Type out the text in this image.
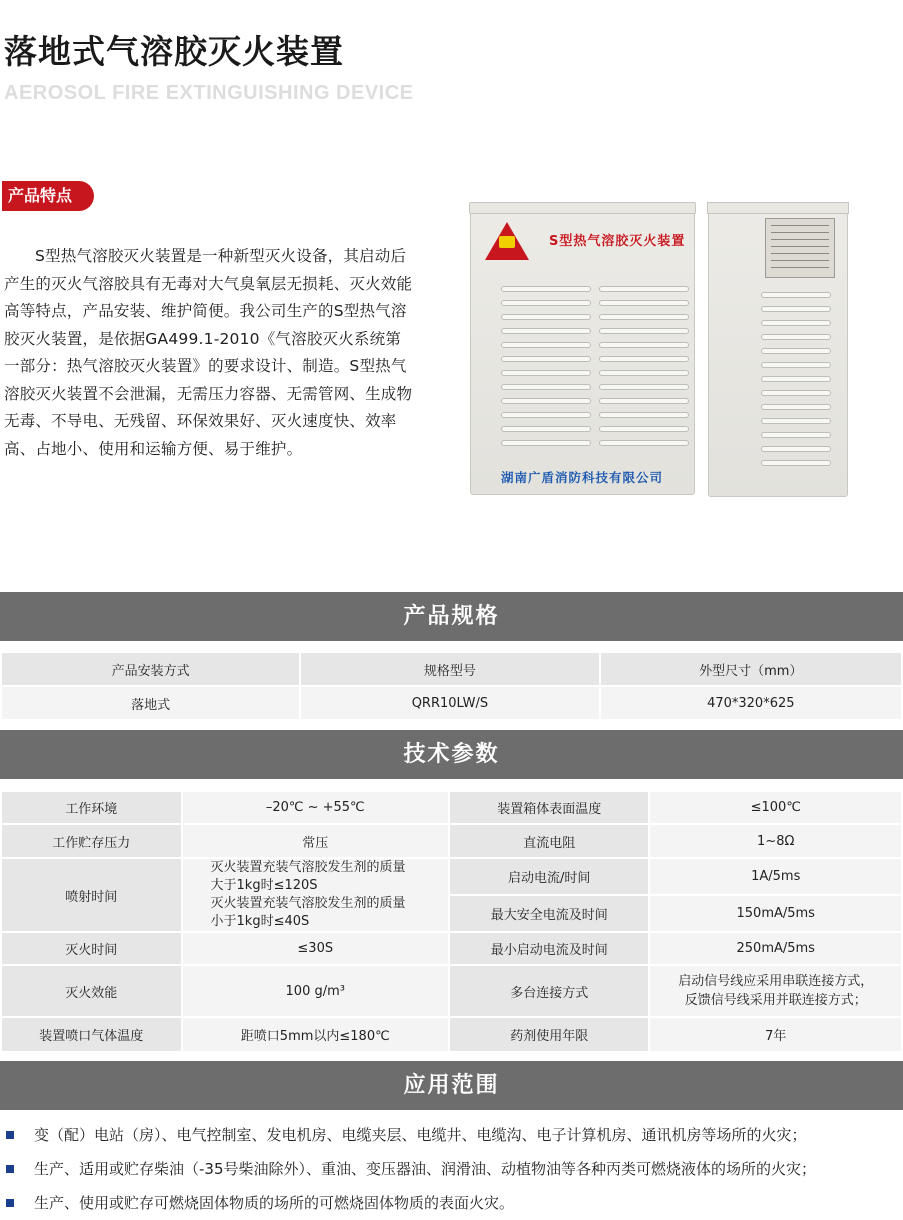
落地式气溶胶灭火装置
AEROSOL FIRE EXTINGUISHING DEVICE
产品特点

S型热气溶胶灭火装置是一种新型灭火设备，其启动后产生的灭火气溶胶具有无毒对大气臭氧层无损耗、灭火效能高等特点，产品安装、维护简便。我公司生产的S型热气溶胶灭火装置，是依据GA499.1-2010《气溶胶灭火系统第一部分：热气溶胶灭火装置》的要求设计、制造。S型热气溶胶灭火装置不会泄漏，无需压力容器、无需管网、生成物无毒、不导电、无残留、环保效果好、灭火速度快、效率高、占地小、使用和运输方便、易于维护。

S型热气溶胶灭火装置
湖南广盾消防科技有限公司
产品规格
产品安装方式	规格型号	外型尺寸（mm）
落地式	QRR10LW/S	470*320*625
技术参数
工作环境	–20℃ ~ +55℃	装置箱体表面温度	≤100℃
工作贮存压力	常压	直流电阻	1~8Ω
喷射时间	灭火装置充装气溶胶发生剂的质量
大于1kg时≤120S
灭火装置充装气溶胶发生剂的质量
小于1kg时≤40S	启动电流/时间	1A/5ms
		最大安全电流及时间	150mA/5ms
灭火时间	≤30S	最小启动电流及时间	250mA/5ms
灭火效能	100 g/m³	多台连接方式	启动信号线应采用串联连接方式，
反馈信号线采用并联连接方式；

装置喷口气体温度	距喷口5mm以内≤180℃	药剂使用年限	7年
应用范围
变（配）电站（房）、电气控制室、发电机房、电缆夹层、电缆井、电缆沟、电子计算机房、通讯机房等场所的火灾；
生产、适用或贮存柴油（-35号柴油除外）、重油、变压器油、润滑油、动植物油等各种丙类可燃烧液体的场所的火灾；
生产、使用或贮存可燃烧固体物质的场所的可燃烧固体物质的表面火灾。
